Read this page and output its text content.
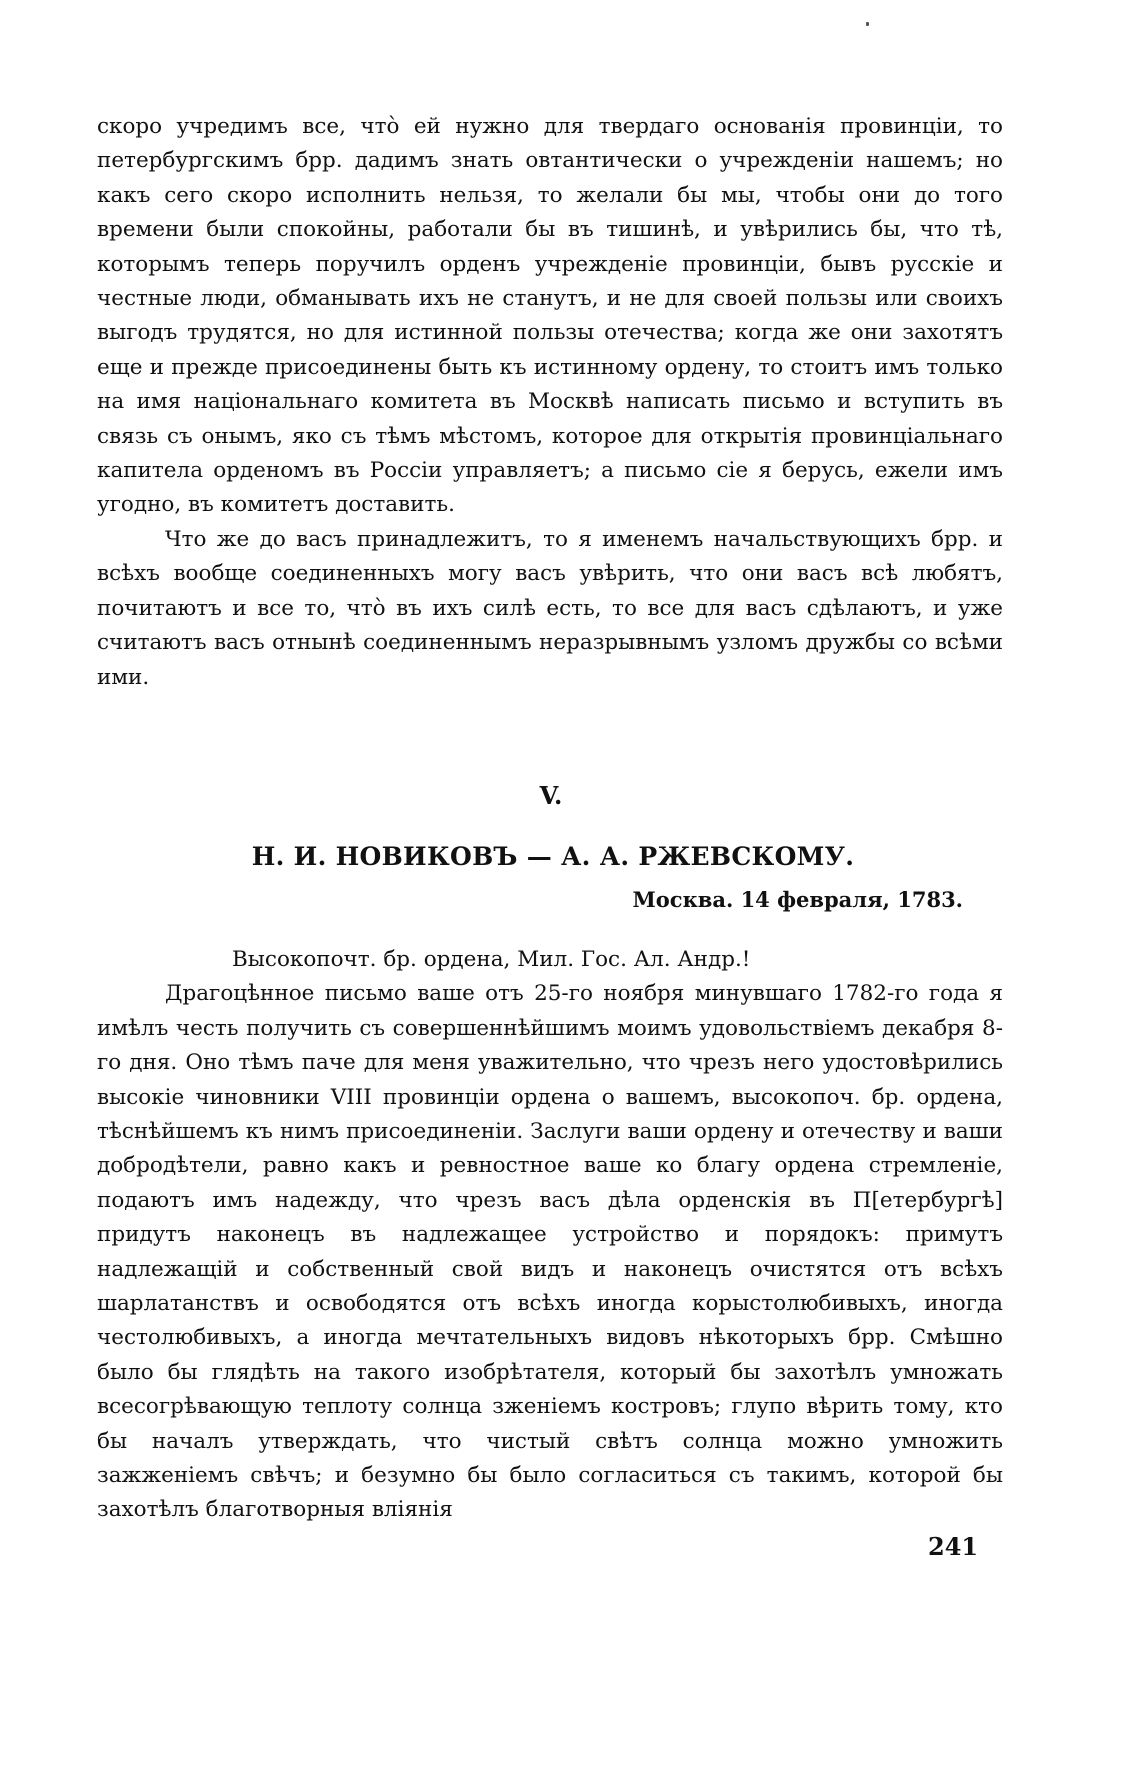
скоро учредимъ все, что̀ ей нужно для твердаго основанія провинціи, то петербургскимъ брр. дадимъ знать овтантически о учрежденіи нашемъ; но какъ сего скоро исполнить нельзя, то желали бы мы, чтобы они до того времени были спокойны, работали бы въ тишинѣ, и увѣрились бы, что тѣ, которымъ теперь поручилъ орденъ учрежденіе провинціи, бывъ русскіе и честные люди, обманывать ихъ не станутъ, и не для своей пользы или своихъ выгодъ трудятся, но для истинной пользы отечества; когда же они захотятъ еще и прежде присоединены быть къ истинному ордену, то стоитъ имъ только на имя національнаго комитета въ Москвѣ написать письмо и вступить въ связь съ онымъ, яко съ тѣмъ мѣстомъ, которое для открытія провинціальнаго капитела орденомъ въ Россіи управляетъ; а письмо сіе я берусь, ежели имъ угодно, въ комитетъ доставить.

Что же до васъ принадлежитъ, то я именемъ начальствующихъ брр. и всѣхъ вообще соединенныхъ могу васъ увѣрить, что они васъ всѣ любятъ, почитаютъ и все то, что̀ въ ихъ силѣ есть, то все для васъ сдѣлаютъ, и уже считаютъ васъ отнынѣ соединеннымъ неразрывнымъ узломъ дружбы со всѣми ими.

V.
Н. И. НОВИКОВЪ — А. А. РЖЕВСКОМУ.
Москва. 14 февраля, 1783.

Высокопочт. бр. ордена, Мил. Гос. Ал. Андр.!

Драгоцѣнное письмо ваше отъ 25-го ноября минувшаго 1782-го года я имѣлъ честь получить съ совершеннѣйшимъ моимъ удовольствіемъ декабря 8-го дня. Оно тѣмъ паче для меня уважительно, что чрезъ него удостовѣрились высокіе чиновники VIII провинціи ордена о вашемъ, высокопоч. бр. ордена, тѣснѣйшемъ къ нимъ присоединеніи. Заслуги ваши ордену и отечеству и ваши добродѣтели, равно какъ и ревностное ваше ко благу ордена стремленіе, подаютъ имъ надежду, что чрезъ васъ дѣла орденскія въ П[етербургѣ] придутъ наконецъ въ надлежащее устройство и порядокъ: примутъ надлежащій и собственный свой видъ и наконецъ очистятся отъ всѣхъ шарлатанствъ и освободятся отъ всѣхъ иногда корыстолюбивыхъ, иногда честолюбивыхъ, а иногда мечтательныхъ видовъ нѣкоторыхъ брр. Смѣшно было бы глядѣть на такого изобрѣтателя, который бы захотѣлъ умножать всесогрѣвающую теплоту солнца зженіемъ костровъ; глупо вѣрить тому, кто бы началъ утверждать, что чистый свѣтъ солнца можно умножить зажженіемъ свѣчъ; и безумно бы было согласиться съ такимъ, которой бы захотѣлъ благотворныя вліянія

241
